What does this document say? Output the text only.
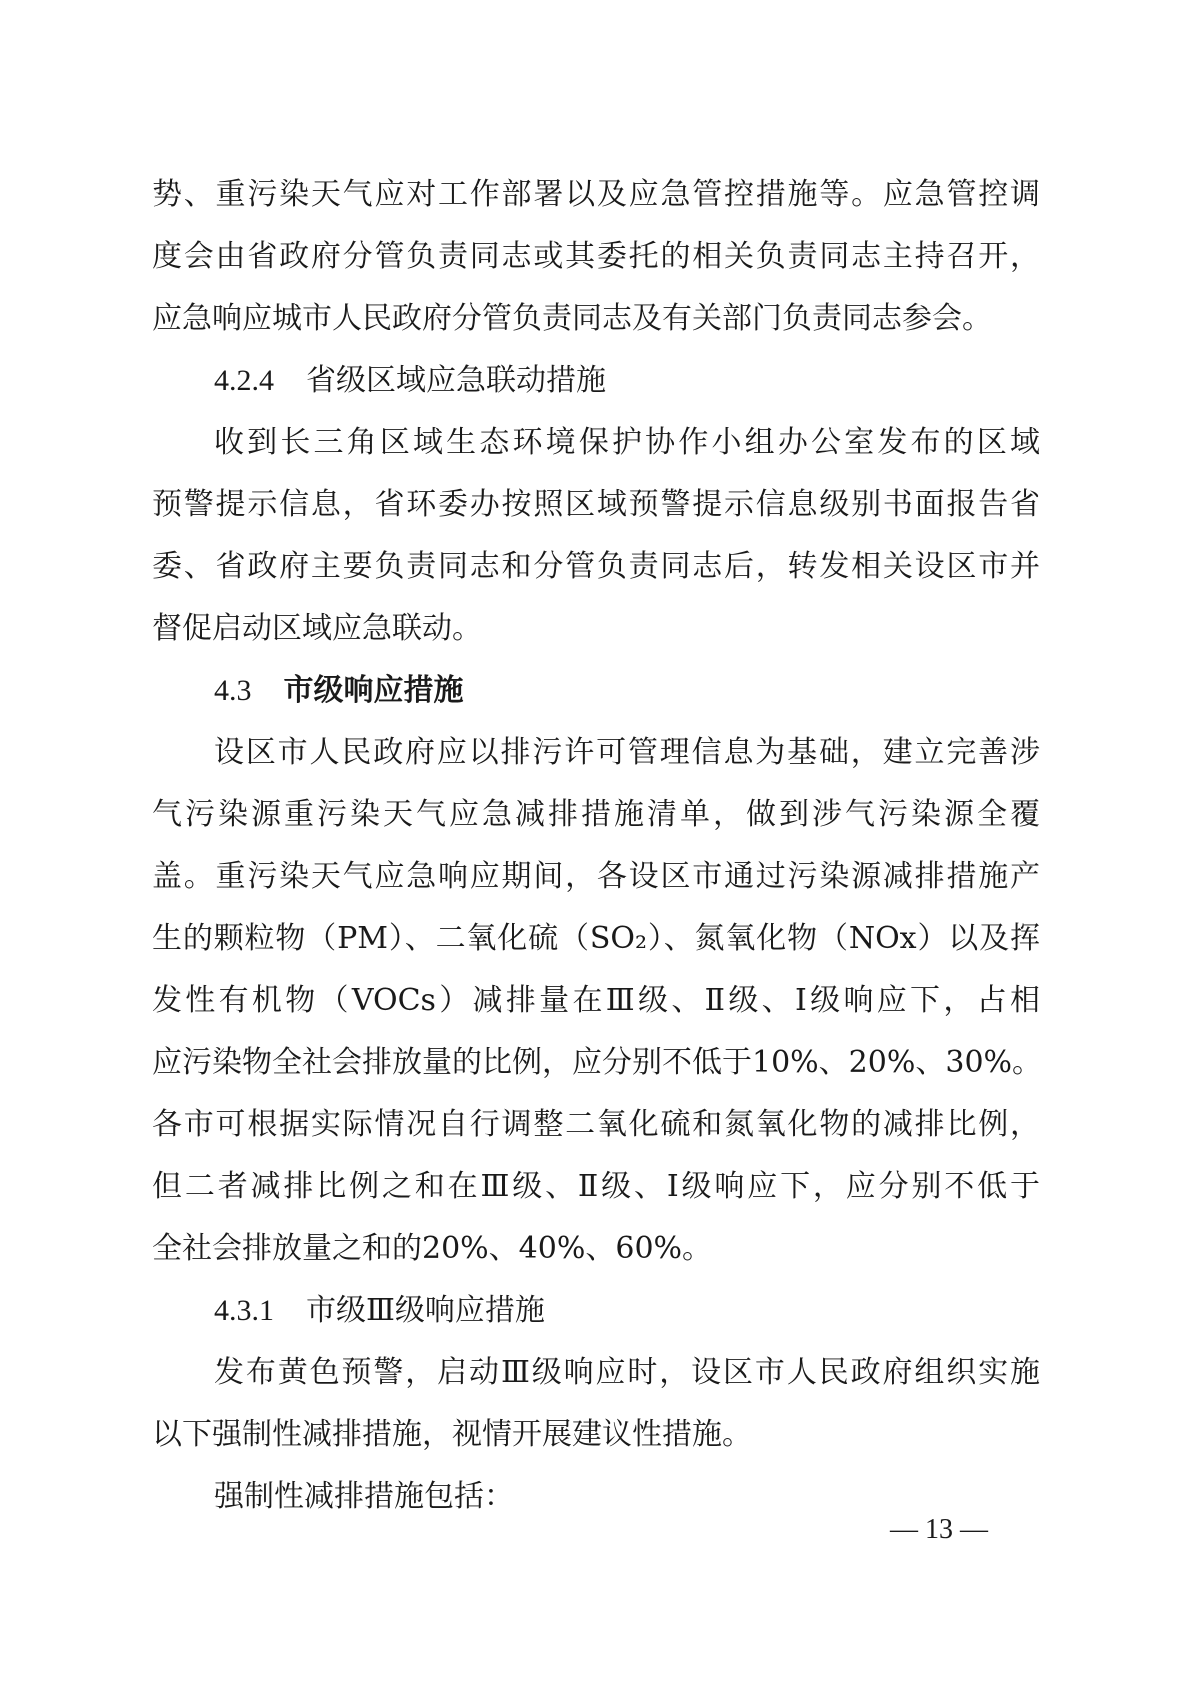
势、重污染天气应对工作部署以及应急管控措施等。应急管控调
度会由省政府分管负责同志或其委托的相关负责同志主持召开，
应急响应城市人民政府分管负责同志及有关部门负责同志参会。
4.2.4 省级区域应急联动措施
收到长三角区域生态环境保护协作小组办公室发布的区域
预警提示信息，省环委办按照区域预警提示信息级别书面报告省
委、省政府主要负责同志和分管负责同志后，转发相关设区市并
督促启动区域应急联动。
4.3 市级响应措施
设区市人民政府应以排污许可管理信息为基础，建立完善涉
气污染源重污染天气应急减排措施清单，做到涉气污染源全覆
盖。重污染天气应急响应期间，各设区市通过污染源减排措施产
生的颗粒物（PM）、二氧化硫（SO₂）、氮氧化物（NOx）以及挥
发性有机物（VOCs）减排量在Ⅲ级、Ⅱ级、Ⅰ级响应下，占相
应污染物全社会排放量的比例，应分别不低于10%、20%、30%。
各市可根据实际情况自行调整二氧化硫和氮氧化物的减排比例，
但二者减排比例之和在Ⅲ级、Ⅱ级、Ⅰ级响应下，应分别不低于
全社会排放量之和的20%、40%、60%。
4.3.1 市级Ⅲ级响应措施
发布黄色预警，启动Ⅲ级响应时，设区市人民政府组织实施
以下强制性减排措施，视情开展建议性措施。
强制性减排措施包括：
— 13 —
